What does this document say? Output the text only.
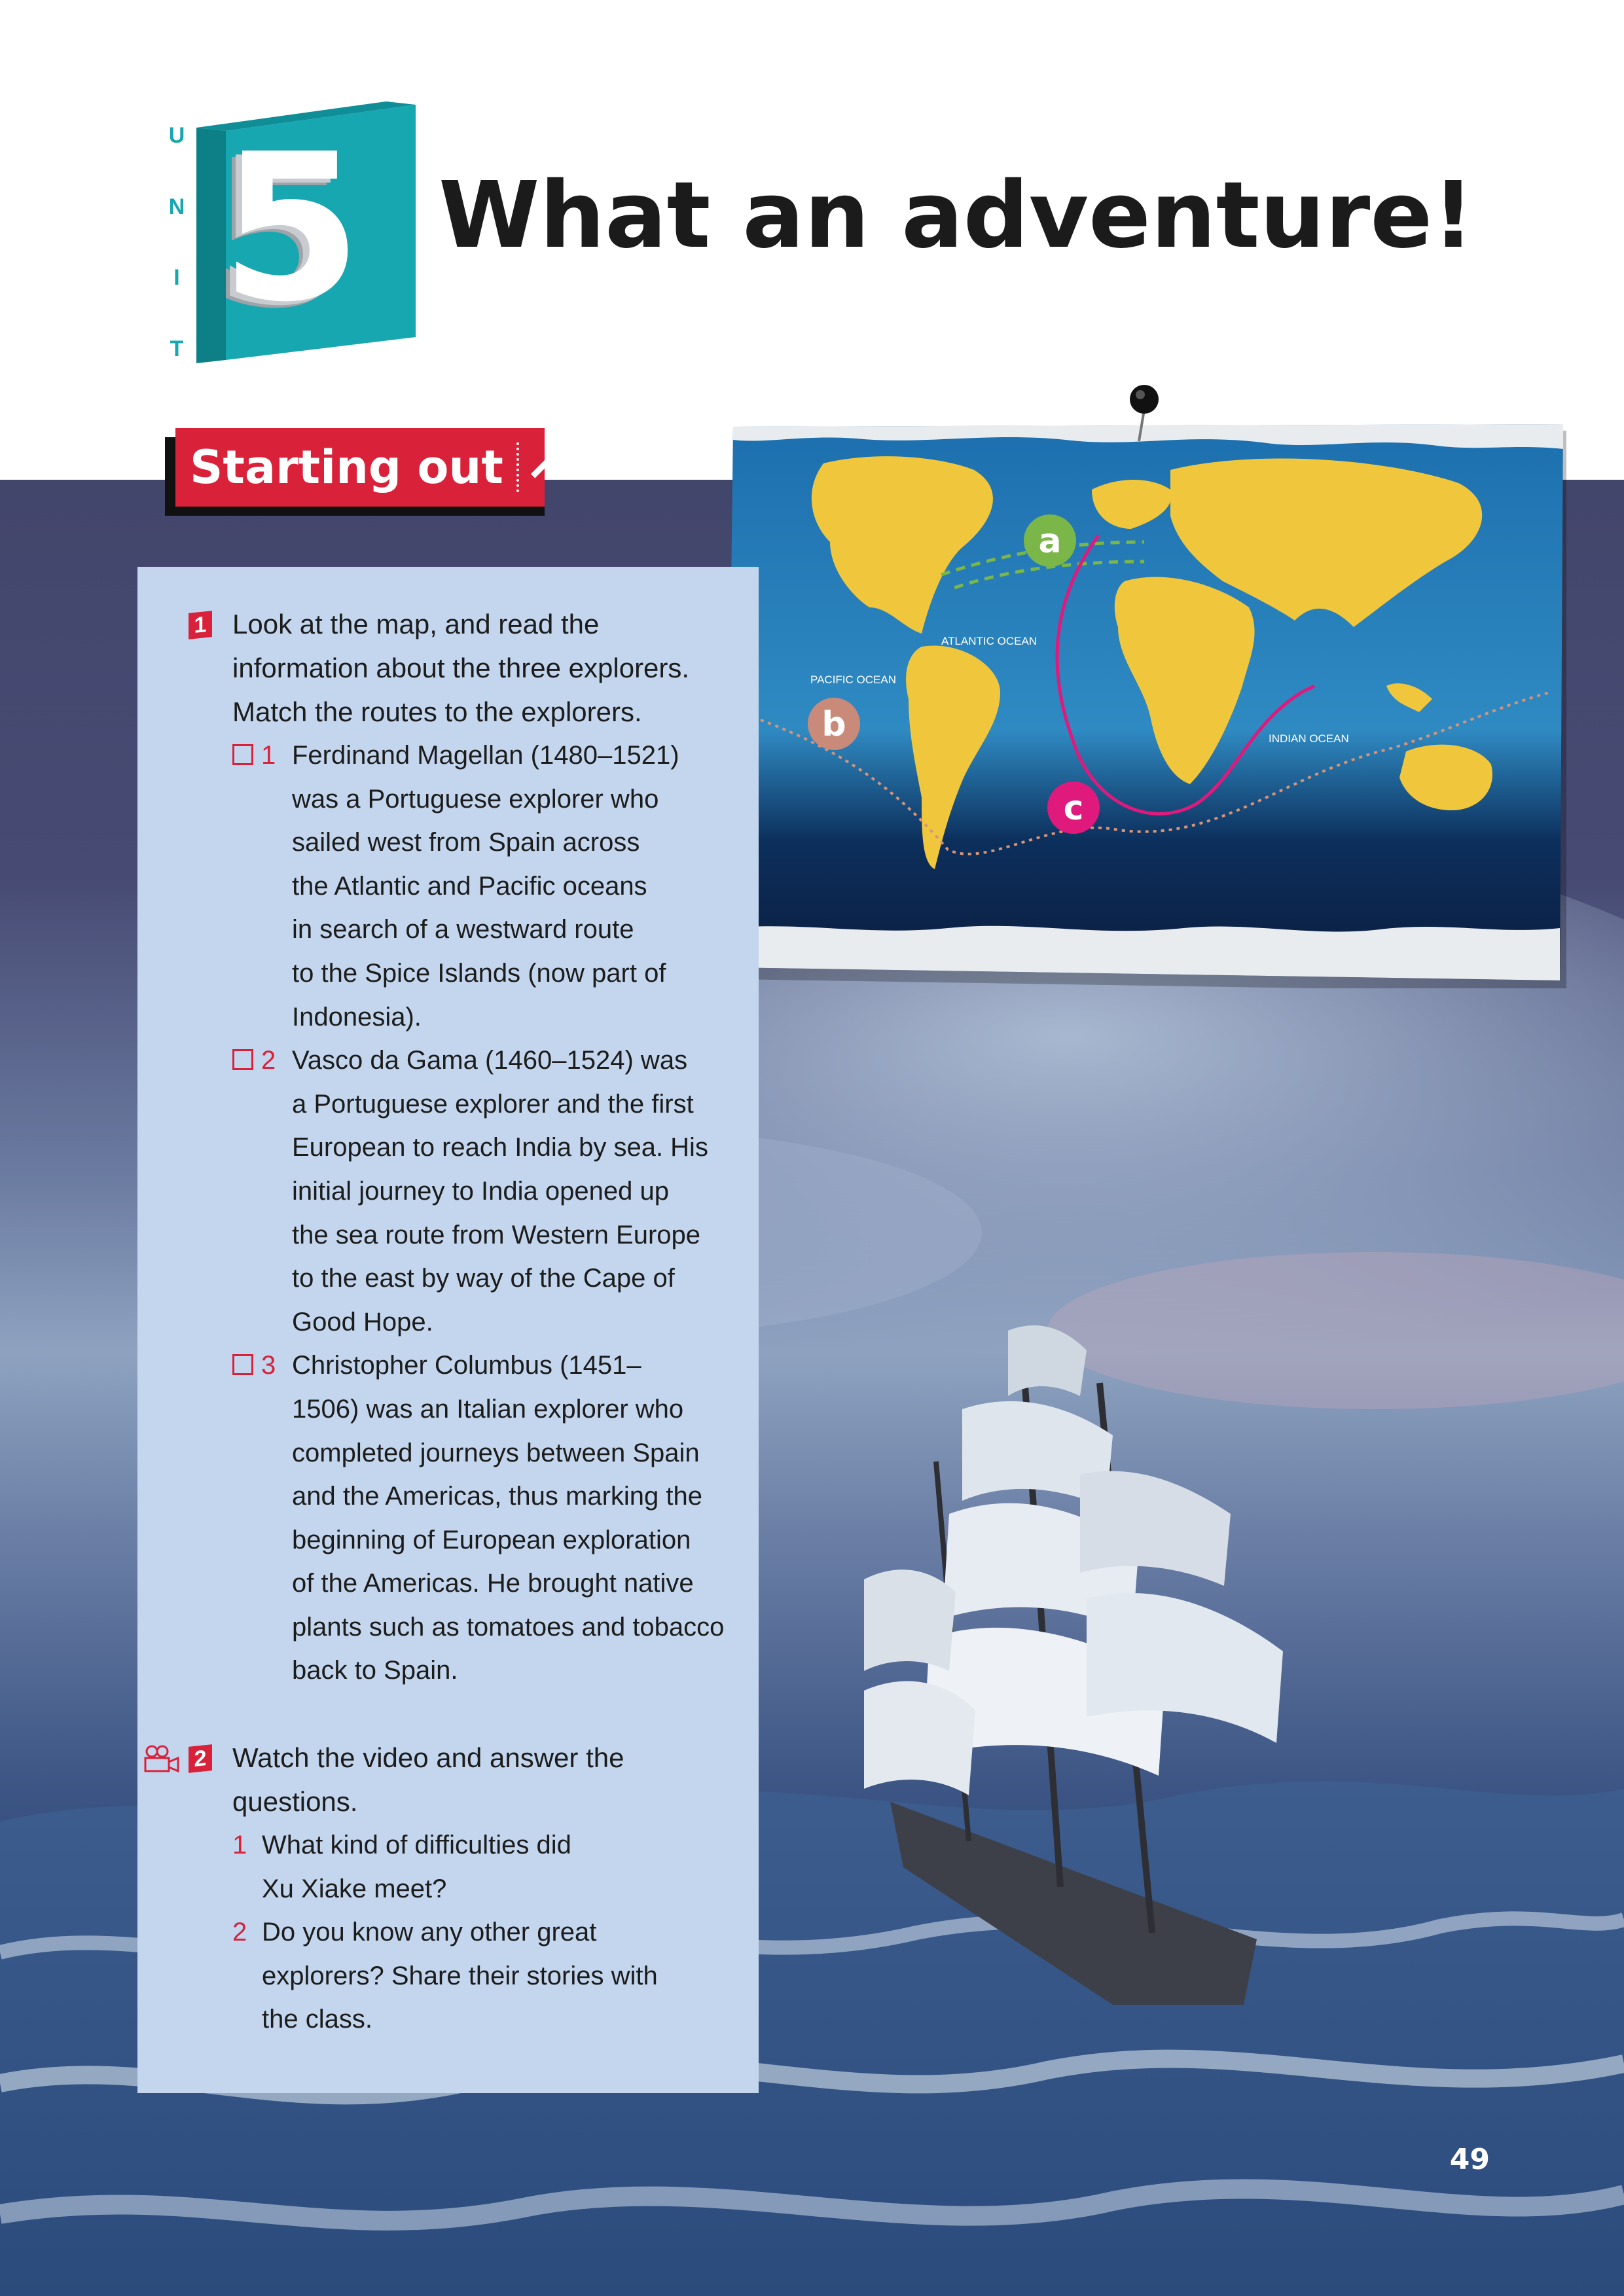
U
N
I
T
5 What an adventure!
Starting out
ATLANTIC OCEAN
PACIFIC OCEAN
INDIAN OCEAN
a
b
c
1 Look at the map, and read the
information about the three explorers.
Match the routes to the explorers.
1 Ferdinand Magellan (1480–1521)
was a Portuguese explorer who
sailed west from Spain across
the Atlantic and Pacific oceans
in search of a westward route
to the Spice Islands (now part of
Indonesia).
2 Vasco da Gama (1460–1524) was
a Portuguese explorer and the first
European to reach India by sea. His
initial journey to India opened up
the sea route from Western Europe
to the east by way of the Cape of
Good Hope.
3 Christopher Columbus (1451–
1506) was an Italian explorer who
completed journeys between Spain
and the Americas, thus marking the
beginning of European exploration
of the Americas. He brought native
plants such as tomatoes and tobacco
back to Spain.
2 Watch the video and answer the
questions.
1 What kind of difficulties did
Xu Xiake meet?
2 Do you know any other great
explorers? Share their stories with
the class.
49
